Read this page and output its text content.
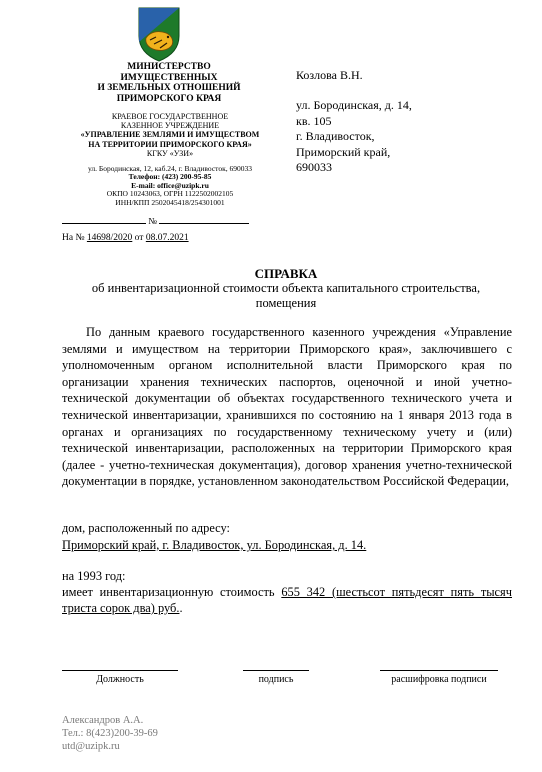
МИНИСТЕРСТВО
ИМУЩЕСТВЕННЫХ
И ЗЕМЕЛЬНЫХ ОТНОШЕНИЙ
ПРИМОРСКОГО КРАЯ
КРАЕВОЕ ГОСУДАРСТВЕННОЕ
КАЗЕННОЕ УЧРЕЖДЕНИЕ
«УПРАВЛЕНИЕ ЗЕМЛЯМИ И ИМУЩЕСТВОМ
НА ТЕРРИТОРИИ ПРИМОРСКОГО КРАЯ»
КГКУ «УЗИ»
ул. Бородинская, 12, каб.24, г. Владивосток, 690033
Телефон: (423) 200-95-85
E-mail: office@uzipk.ru
ОКПО 10243063, ОГРН 1122502002105
ИНН/КПП 2502045418/254301001
№
На № 14698/2020 от 08.07.2021
Козлова В.Н.
ул. Бородинская, д. 14,
кв. 105
г. Владивосток,
Приморский край,
690033
СПРАВКА
об инвентаризационной стоимости объекта капитального строительства, помещения
По данным краевого государственного казенного учреждения «Управление землями и имуществом на территории Приморского края», заключившего с уполномоченным органом исполнительной власти Приморского края по организации хранения технических паспортов, оценочной и иной учетно-технической документации об объектах государственного технического учета и технической инвентаризации, хранившихся по состоянию на 1 января 2013 года в органах и организациях по государственному техническому учету и (или) технической инвентаризации, расположенных на территории Приморского края (далее - учетно-техническая документация), договор хранения учетно-технической документации в порядке, установленном законодательством Российской Федерации,
дом, расположенный по адресу:
Приморский край, г. Владивосток, ул. Бородинская, д. 14.
на 1993 год:
имеет инвентаризационную стоимость 655 342 (шестьсот пятьдесят пять тысяч триста сорок два) руб..
Должность	подпись	расшифровка подписи
Александров А.А.
Тел.: 8(423)200-39-69
utd@uzipk.ru
